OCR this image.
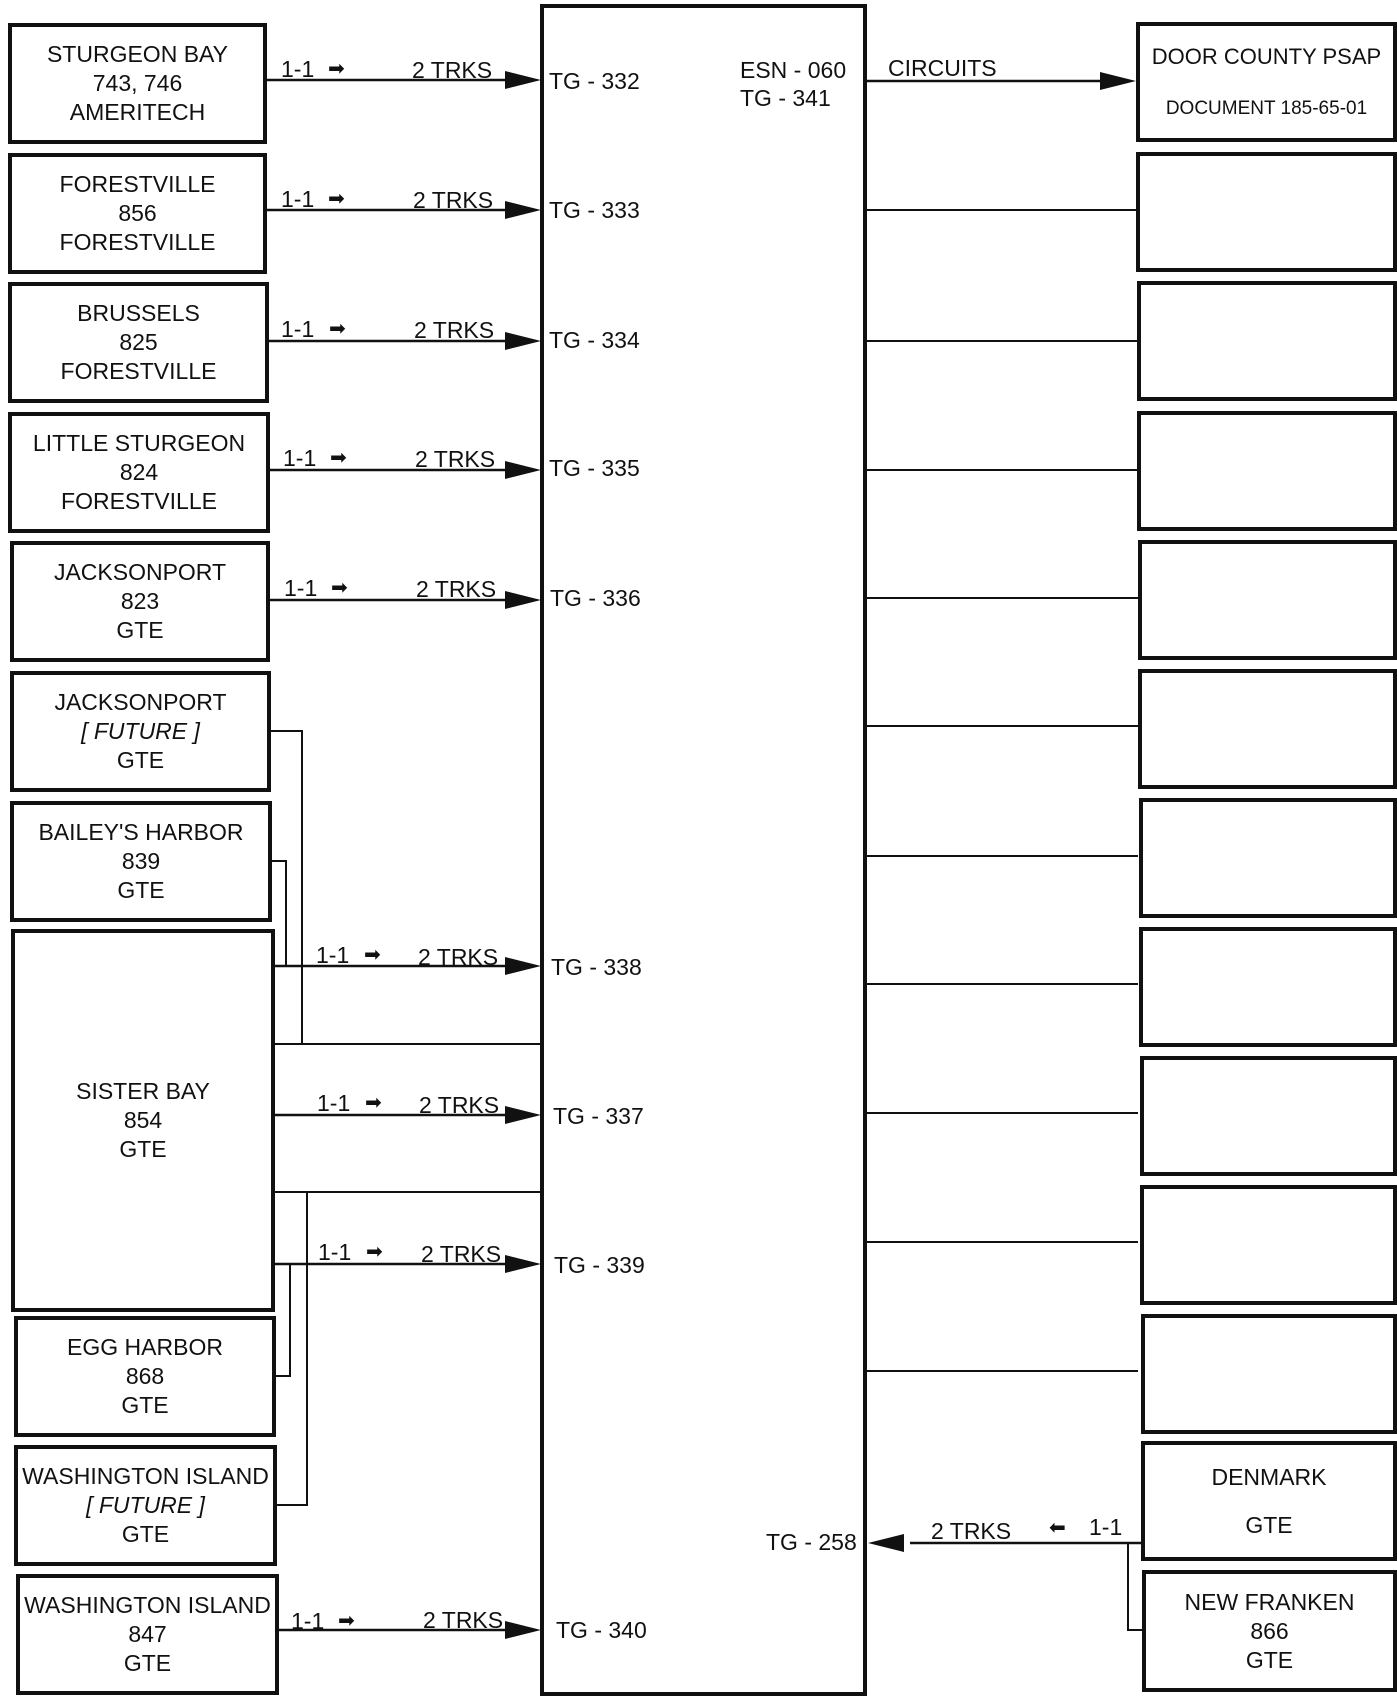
STURGEON BAY
743, 746
AMERITECH
FORESTVILLE
856
FORESTVILLE
BRUSSELS
825
FORESTVILLE
LITTLE STURGEON
824
FORESTVILLE
JACKSONPORT
823
GTE
JACKSONPORT
[ FUTURE ]
GTE
BAILEY'S HARBOR
839
GTE
SISTER BAY
854
GTE
EGG HARBOR
868
GTE
WASHINGTON ISLAND
[ FUTURE ]
GTE
WASHINGTON ISLAND
847
GTE
DOOR COUNTY PSAP
DOCUMENT 185-65-01
DENMARK
GTE
NEW FRANKEN
866
GTE
TG - 332
TG - 333
TG - 334
TG - 335
TG - 336
TG - 338
TG - 337
TG - 339
TG - 340
ESN - 060
TG - 341
TG - 258
CIRCUITS
1-1 ➡	2 TRKS
1-1 ➡	2 TRKS
1-1 ➡	2 TRKS
1-1 ➡	2 TRKS
1-1 ➡	2 TRKS
1-1 ➡ 2 TRKS
1-1 ➡ 2 TRKS
1-1 ➡ 2 TRKS
1-1 ➡	2 TRKS
⬅ 1-1
2 TRKS
